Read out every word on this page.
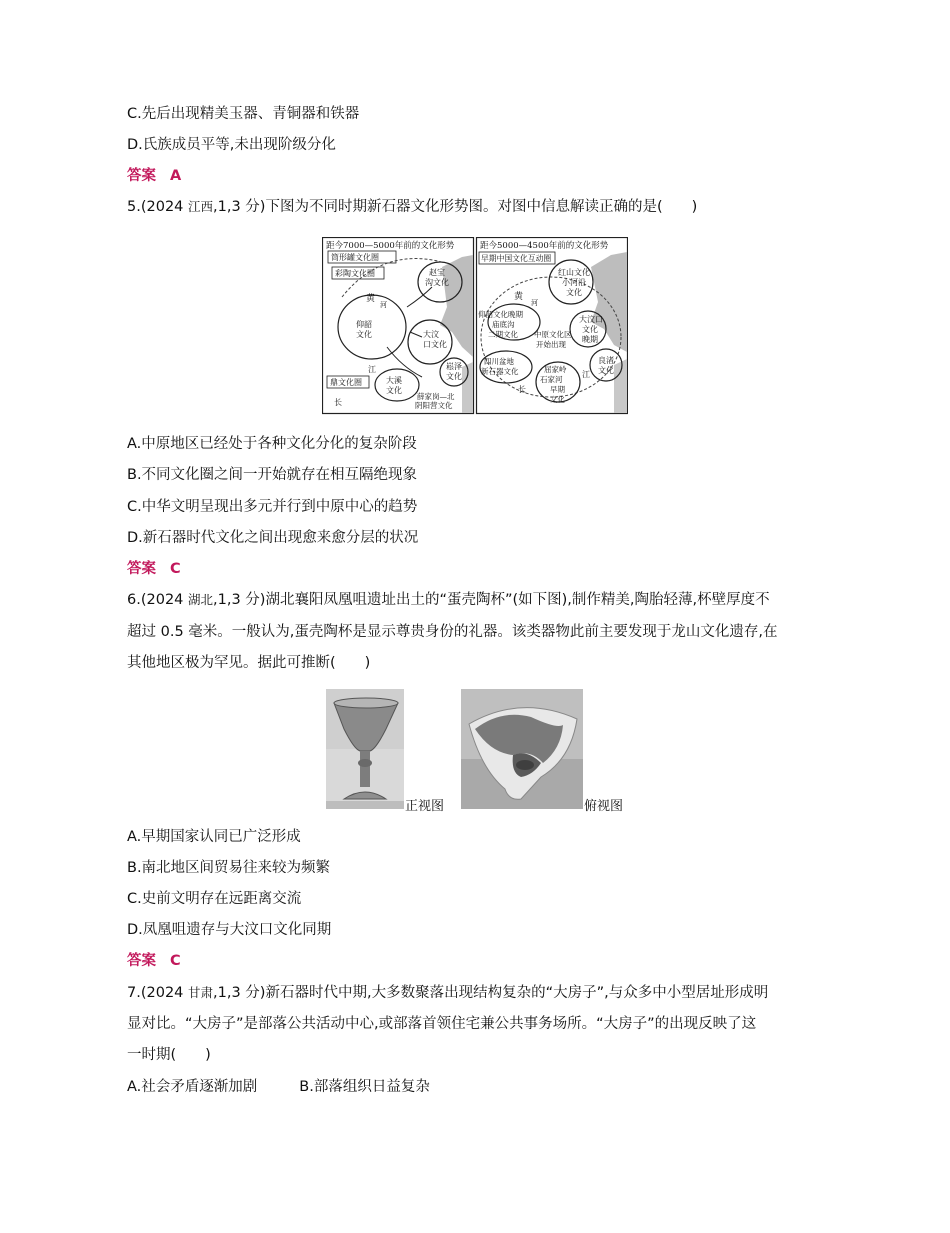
C.先后出现精美玉器、青铜器和铁器
D.氏族成员平等,未出现阶级分化
答案 A
5.(2024 江西,1,3 分)下图为不同时期新石器文化形势图。对图中信息解读正确的是(　　)
距今7000—5000年前的文化形势
筒形罐文化圈
彩陶文化圈
鼎文化圈
赵宝
沟文化
黄
河
仰韶
文化	大汶
口文化
江
大溪
文化
长
崧泽
文化
薛家岗—北
阴阳营文化
距今5000—4500年前的文化形势
早期中国文化互动圈
红山文化
小河沿
文化
黄
河
仰韶文化晚期
庙底沟
二期文化 中原文化区
开始出现
大汶口
文化
晚期
四川盆地
新石器文化	屈家岭
石家河
早期
文化
江
长
良渚
文化
A.中原地区已经处于各种文化分化的复杂阶段
B.不同文化圈之间一开始就存在相互隔绝现象
C.中华文明呈现出多元并行到中原中心的趋势
D.新石器时代文化之间出现愈来愈分层的状况
答案 C
6.(2024 湖北,1,3 分)湖北襄阳凤凰咀遗址出土的“蛋壳陶杯”(如下图),制作精美,陶胎轻薄,杯壁厚度不
超过 0.5 毫米。一般认为,蛋壳陶杯是显示尊贵身份的礼器。该类器物此前主要发现于龙山文化遗存,在
其他地区极为罕见。据此可推断(　　)
正视图	俯视图
A.早期国家认同已广泛形成
B.南北地区间贸易往来较为频繁
C.史前文明存在远距离交流
D.凤凰咀遗存与大汶口文化同期
答案 C
7.(2024 甘肃,1,3 分)新石器时代中期,大多数聚落出现结构复杂的“大房子”,与众多中小型居址形成明
显对比。“大房子”是部落公共活动中心,或部落首领住宅兼公共事务场所。“大房子”的出现反映了这
一时期(　　)
A.社会矛盾逐渐加剧	B.部落组织日益复杂
